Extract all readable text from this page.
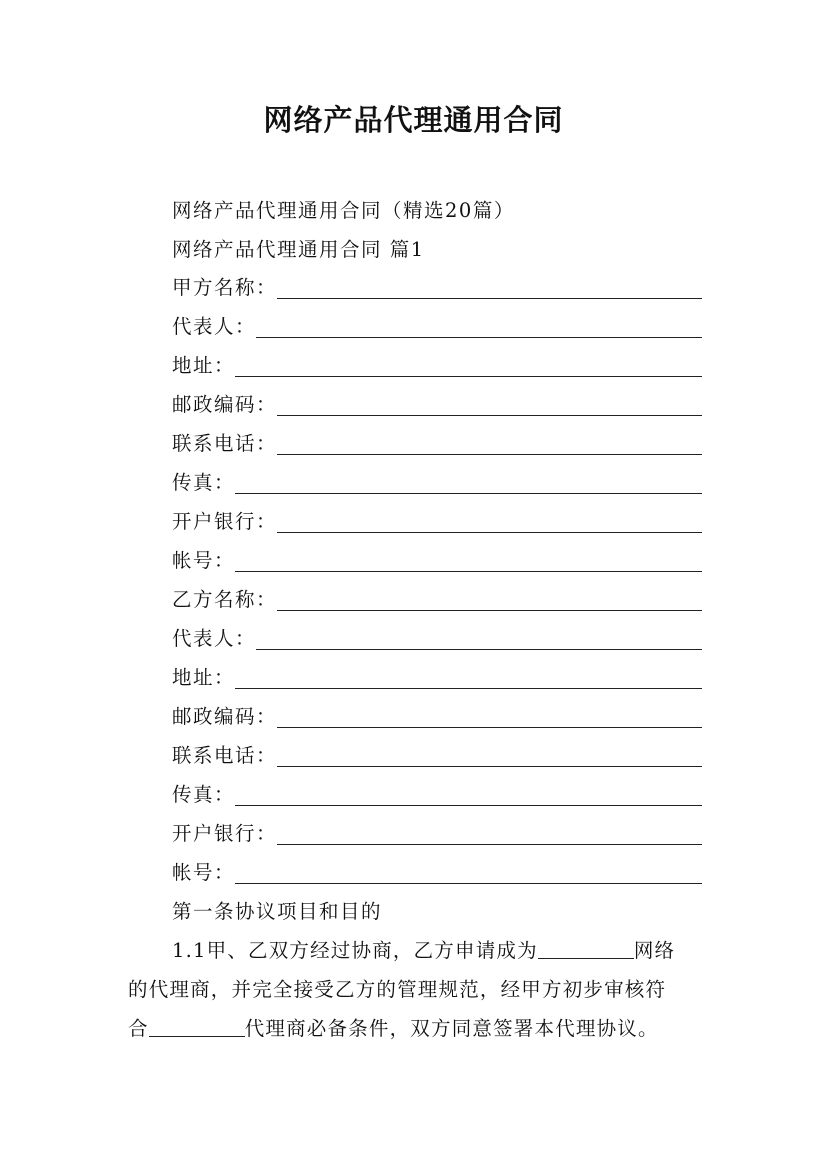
网络产品代理通用合同
网络产品代理通用合同（精选20篇）
网络产品代理通用合同 篇1
甲方名称：
代表人：
地址：
邮政编码：
联系电话：
传真：
开户银行：
帐号：
乙方名称：
代表人：
地址：
邮政编码：
联系电话：
传真：
开户银行：
帐号：
第一条协议项目和目的
1.1甲、乙双方经过协商，乙方申请成为	网络
的代理商，并完全接受乙方的管理规范，经甲方初步审核符
合	代理商必备条件，双方同意签署本代理协议。
